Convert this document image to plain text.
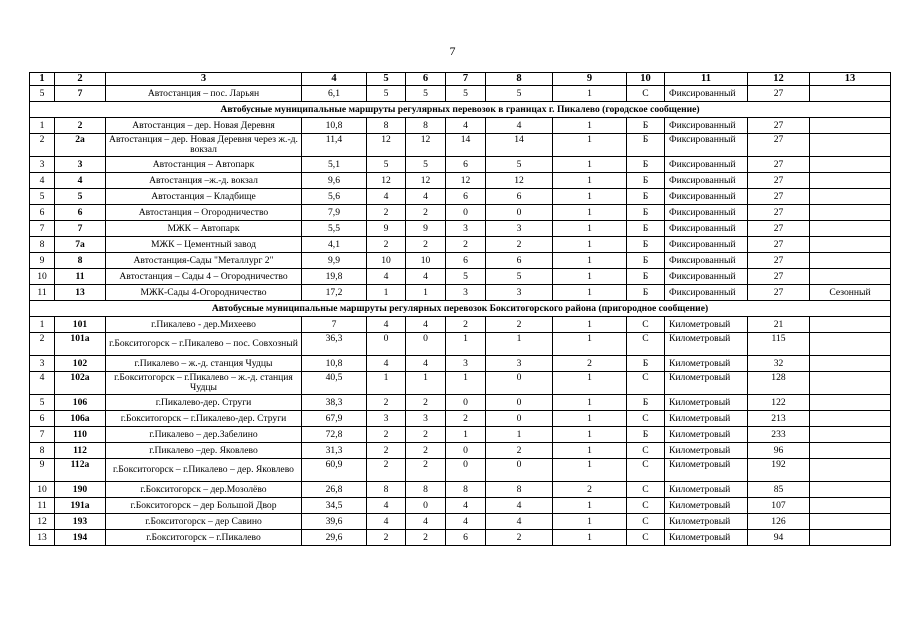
7
1	2	3	4	5	6	7	8	9	10	11	12	13
5	7	Автостанция – пос. Ларьян	6,1	5	5	5	5	1	С	Фиксированный	27	
Автобусные муниципальные маршруты регулярных перевозок в границах г. Пикалево (городское сообщение)												
1	2	Автостанция – дер. Новая Деревня	10,8	8	8	4	4	1	Б	Фиксированный	27	
2	2а	Автостанция – дер. Новая Деревня через ж.-д. вокзал	11,4	12	12	14	14	1	Б	Фиксированный	27	
3	3	Автостанция – Автопарк	5,1	5	5	6	5	1	Б	Фиксированный	27	
4	4	Автостанция –ж.-д. вокзал	9,6	12	12	12	12	1	Б	Фиксированный	27	
5	5	Автостанция – Кладбище	5,6	4	4	6	6	1	Б	Фиксированный	27	
6	6	Автостанция – Огородничество	7,9	2	2	0	0	1	Б	Фиксированный	27	
7	7	МЖК – Автопарк	5,5	9	9	3	3	1	Б	Фиксированный	27	
8	7а	МЖК – Цементный завод	4,1	2	2	2	2	1	Б	Фиксированный	27	
9	8	Автостанция-Сады "Металлург 2"	9,9	10	10	6	6	1	Б	Фиксированный	27	
10	11	Автостанция – Сады 4 – Огородничество	19,8	4	4	5	5	1	Б	Фиксированный	27	
11	13	МЖК-Сады 4-Огородничество	17,2	1	1	3	3	1	Б	Фиксированный	27	Сезонный
Автобусные муниципальные маршруты регулярных перевозок Бокситогорского района (пригородное сообщение)												
1	101	г.Пикалево - дер.Михеево	7	4	4	2	2	1	С	Километровый	21	
2	101а	г.Бокситогорск – г.Пикалево – пос. Совхозный	36,3	0	0	1	1	1	С	Километровый	115	
3	102	г.Пикалево – ж.-д. станция Чудцы	10,8	4	4	3	3	2	Б	Километровый	32	
4	102а	г.Бокситогорск – г.Пикалево – ж.-д. станция Чудцы	40,5	1	1	1	0	1	С	Километровый	128	
5	106	г.Пикалево-дер. Струги	38,3	2	2	0	0	1	Б	Километровый	122	
6	106а	г.Бокситогорск – г.Пикалево-дер. Струги	67,9	3	3	2	0	1	С	Километровый	213	
7	110	г.Пикалево – дер.Забелино	72,8	2	2	1	1	1	Б	Километровый	233	
8	112	г.Пикалево –дер. Яковлево	31,3	2	2	0	2	1	С	Километровый	96	
9	112а	г.Бокситогорск – г.Пикалево – дер. Яковлево	60,9	2	2	0	0	1	С	Километровый	192	
10	190	г.Бокситогорск – дер.Мозолёво	26,8	8	8	8	8	2	С	Километровый	85	
11	191а	г.Бокситогорск – дер Большой Двор	34,5	4	0	4	4	1	С	Километровый	107	
12	193	г.Бокситогорск – дер Савино	39,6	4	4	4	4	1	С	Километровый	126	
13	194	г.Бокситогорск – г.Пикалево	29,6	2	2	6	2	1	С	Километровый	94	
